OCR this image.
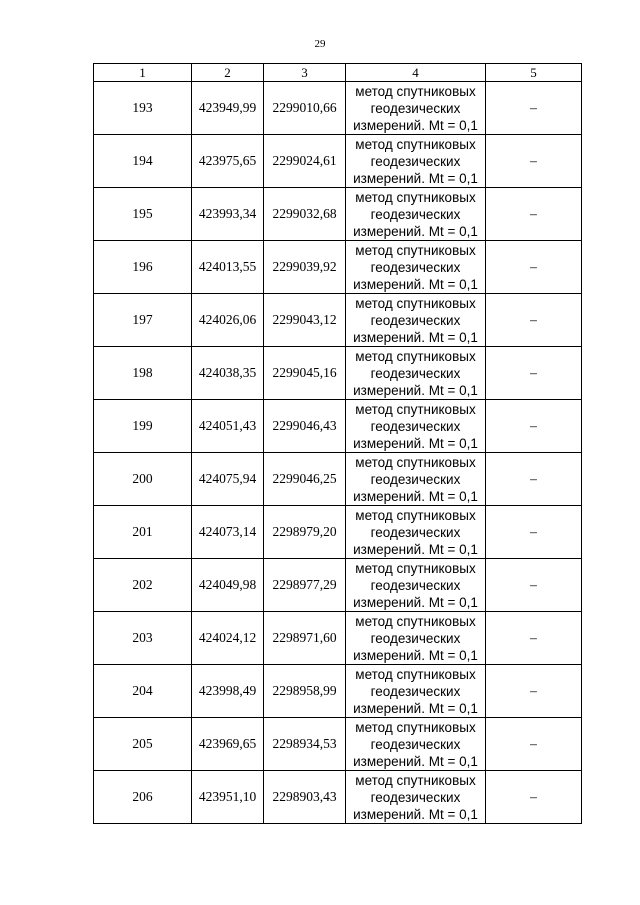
29
1	2	3	4	5
193	423949,99	2299010,66	метод спутниковых
геодезических
измерений. Mt = 0,1	–
194	423975,65	2299024,61	метод спутниковых
геодезических
измерений. Mt = 0,1	–
195	423993,34	2299032,68	метод спутниковых
геодезических
измерений. Mt = 0,1	–
196	424013,55	2299039,92	метод спутниковых
геодезических
измерений. Mt = 0,1	–
197	424026,06	2299043,12	метод спутниковых
геодезических
измерений. Mt = 0,1	–
198	424038,35	2299045,16	метод спутниковых
геодезических
измерений. Mt = 0,1	–
199	424051,43	2299046,43	метод спутниковых
геодезических
измерений. Mt = 0,1	–
200	424075,94	2299046,25	метод спутниковых
геодезических
измерений. Mt = 0,1	–
201	424073,14	2298979,20	метод спутниковых
геодезических
измерений. Mt = 0,1	–
202	424049,98	2298977,29	метод спутниковых
геодезических
измерений. Mt = 0,1	–
203	424024,12	2298971,60	метод спутниковых
геодезических
измерений. Mt = 0,1	–
204	423998,49	2298958,99	метод спутниковых
геодезических
измерений. Mt = 0,1	–
205	423969,65	2298934,53	метод спутниковых
геодезических
измерений. Mt = 0,1	–
206	423951,10	2298903,43	метод спутниковых
геодезических
измерений. Mt = 0,1	–
